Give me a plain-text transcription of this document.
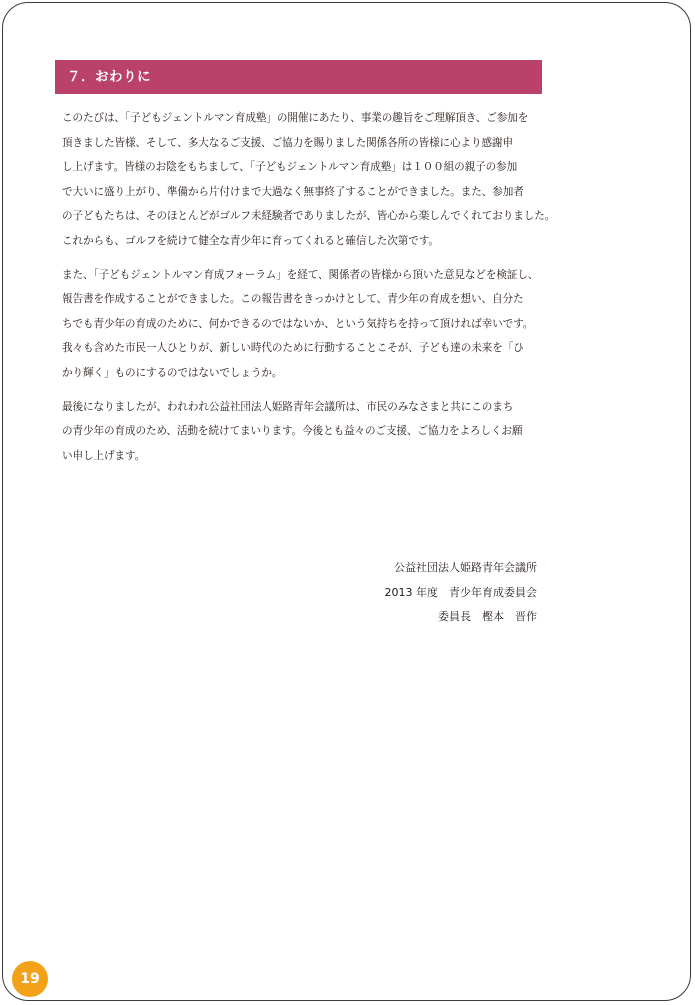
７．おわりに
このたびは、「子どもジェントルマン育成塾」の開催にあたり、事業の趣旨をご理解頂き、ご参加を
頂きました皆様、そして、多大なるご支援、ご協力を賜りました関係各所の皆様に心より感謝申
し上げます。皆様のお陰をもちまして、「子どもジェントルマン育成塾」は１００組の親子の参加
で大いに盛り上がり、準備から片付けまで大過なく無事終了することができました。また、参加者
の子どもたちは、そのほとんどがゴルフ未経験者でありましたが、皆心から楽しんでくれておりました。
これからも、ゴルフを続けて健全な青少年に育ってくれると確信した次第です。
また、「子どもジェントルマン育成フォーラム」を経て、関係者の皆様から頂いた意見などを検証し、
報告書を作成することができました。この報告書をきっかけとして、青少年の育成を想い、自分た
ちでも青少年の育成のために、何かできるのではないか、という気持ちを持って頂ければ幸いです。
我々も含めた市民一人ひとりが、新しい時代のために行動することこそが、子ども達の未来を「ひ
かり輝く」ものにするのではないでしょうか。
最後になりましたが、われわれ公益社団法人姫路青年会議所は、市民のみなさまと共にこのまち
の青少年の育成のため、活動を続けてまいります。今後とも益々のご支援、ご協力をよろしくお願
い申し上げます。
公益社団法人姫路青年会議所
2013 年度　青少年育成委員会
委員長　樫本　晋作
19
